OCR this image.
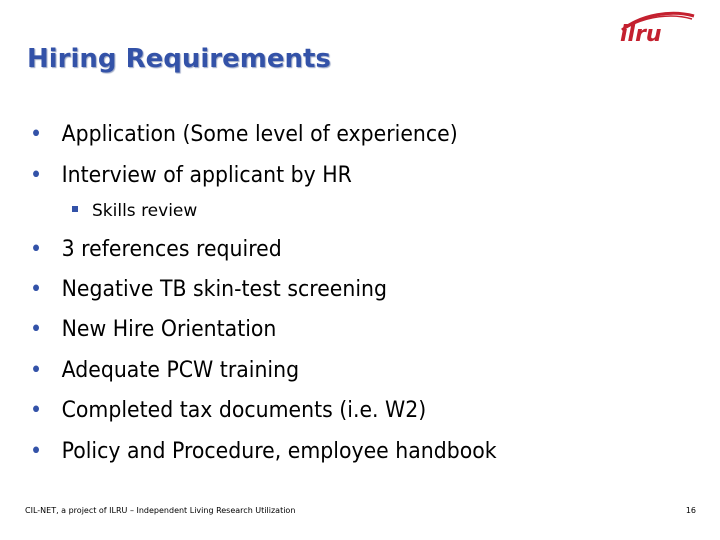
Hiring Requirements
ilru
• Application (Some level of experience)
• Interview of applicant by HR
Skills review
• 3 references required
• Negative TB skin-test screening
• New Hire Orientation
• Adequate PCW training
• Completed tax documents (i.e. W2)
• Policy and Procedure, employee handbook
CIL-NET, a project of ILRU – Independent Living Research Utilization	16
